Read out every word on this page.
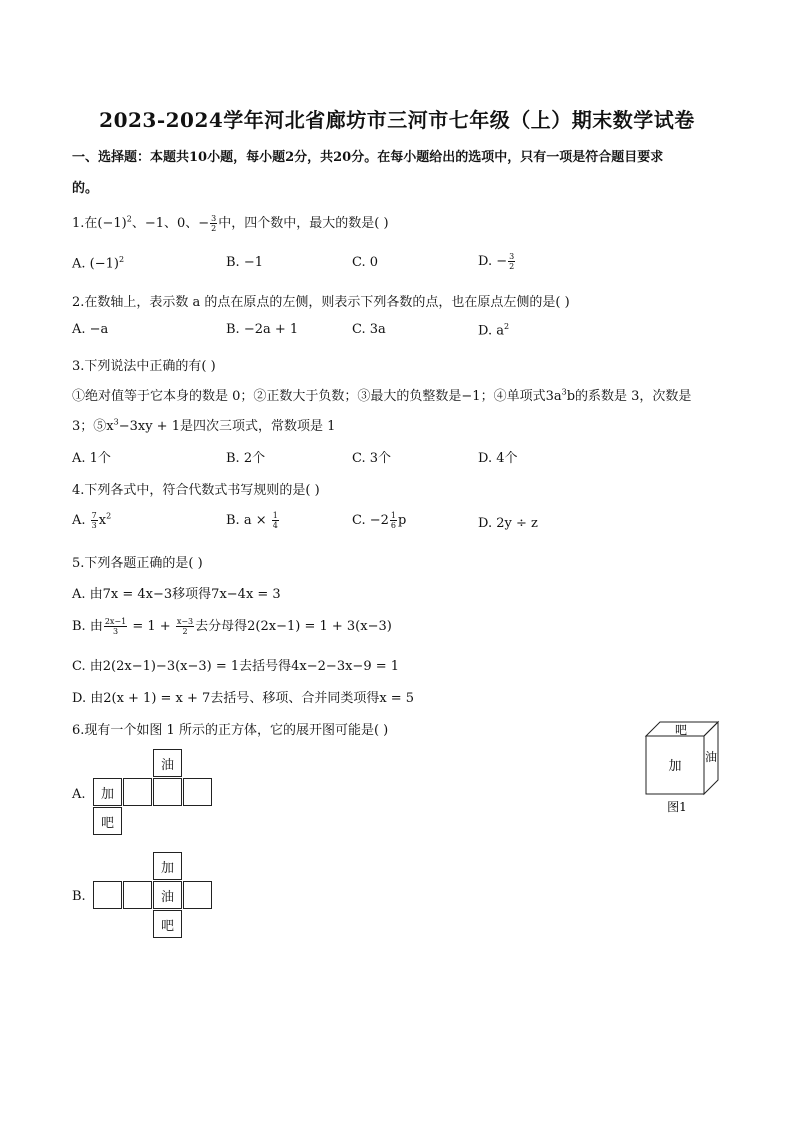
2023-2024学年河北省廊坊市三河市七年级（上）期末数学试卷
一、选择题：本题共10小题，每小题2分，共20分。在每小题给出的选项中，只有一项是符合题目要求
的。
1.在$(-1)^2$、−1、0、− $\frac{3}{2}$ 中，四个数中，最大的数是( )
A. $(-1)^2$	B. −1	C. 0	D. − $\frac{3}{2}$
2.在数轴上，表示数 a 的点在原点的左侧，则表示下列各数的点，也在原点左侧的是( )
A. −a	B. −2a + 1	C. 3a	D. $a^2$
3.下列说法中正确的有( )
①绝对值等于它本身的数是 0；②正数大于负数；③最大的负整数是−1；④单项式$3a^3b$的系数是 3，次数是
3；$⑤x^3-3xy + 1$是四次三项式，常数项是 1
A. 1个	B. 2个	C. 3个	D. 4个
4.下列各式中，符合代数式书写规则的是( )
A. $\frac{7}{3} x^2$	B. $a \times \frac{1}{4}$	C. $-2 \frac{1}{6}$ p	D. 2y ÷ z
5.下列各题正确的是( )
A. 由7x = 4x−3移项得7x−4x = 3
B. 由 $\frac{2x-1}{3} = 1 + \frac{x-3}{2}$ 去分母得2(2x−1) = 1 + 3(x−3)
C. 由2(2x−1)−3(x−3) = 1去括号得4x−2−3x−9 = 1
D. 由2(x + 1) = x + 7去括号、移项、合并同类项得x = 5
6.现有一个如图 1 所示的正方体，它的展开图可能是( )	吧
加
油
图1
A.
油
加
吧
B.
加
油
吧
